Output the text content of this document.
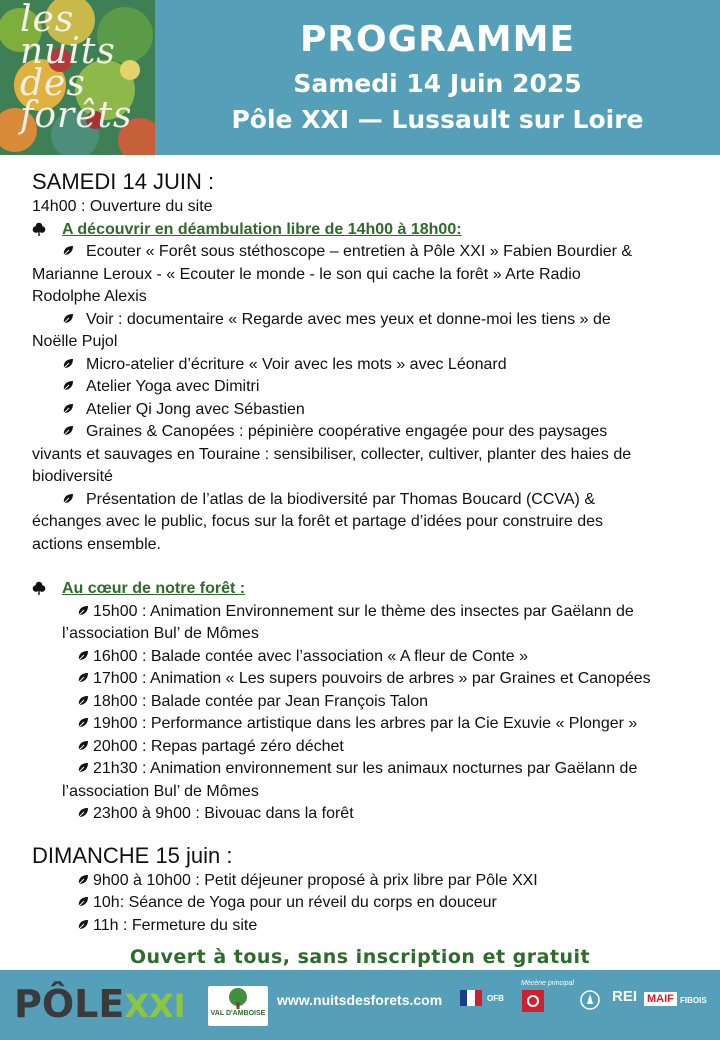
les nuits des forêts
PROGRAMME
Samedi 14 Juin 2025
Pôle XXI — Lussault sur Loire
SAMEDI 14 JUIN :
14h00 : Ouverture du site
A découvrir en déambulation libre de 14h00 à 18h00:
Ecouter « Forêt sous stéthoscope – entretien à Pôle XXI » Fabien Bourdier &
Marianne Leroux - « Ecouter le monde - le son qui cache la forêt » Arte Radio
Rodolphe Alexis
Voir : documentaire « Regarde avec mes yeux et donne-moi les tiens » de
Noëlle Pujol
Micro-atelier d’écriture « Voir avec les mots » avec Léonard
Atelier Yoga avec Dimitri
Atelier Qi Jong avec Sébastien
Graines & Canopées : pépinière coopérative engagée pour des paysages
vivants et sauvages en Touraine : sensibiliser, collecter, cultiver, planter des haies de
biodiversité
Présentation de l’atlas de la biodiversité par Thomas Boucard (CCVA) &
échanges avec le public, focus sur la forêt et partage d’idées pour construire des
actions ensemble.
Au cœur de notre forêt :
15h00 : Animation Environnement sur le thème des insectes par Gaëlann de
l’association Bul’ de Mômes
16h00 : Balade contée avec l’association « A fleur de Conte »
17h00 : Animation « Les supers pouvoirs de arbres » par Graines et Canopées
18h00 : Balade contée par Jean François Talon
19h00 : Performance artistique dans les arbres par la Cie Exuvie « Plonger »
20h00 : Repas partagé zéro déchet
21h30 : Animation environnement sur les animaux nocturnes par Gaëlann de
l’association Bul’ de Mômes
23h00 à 9h00 : Bivouac dans la forêt
DIMANCHE 15 juin :
9h00 à 10h00 : Petit déjeuner proposé à prix libre par Pôle XXI
10h: Séance de Yoga pour un réveil du corps en douceur
11h : Fermeture du site
Ouvert à tous, sans inscription et gratuit
PÔLEXXI	VAL D'AMBOISE
www.nuitsdesforets.com	OFB
Mécène principal
REI MAIF FIBOIS
